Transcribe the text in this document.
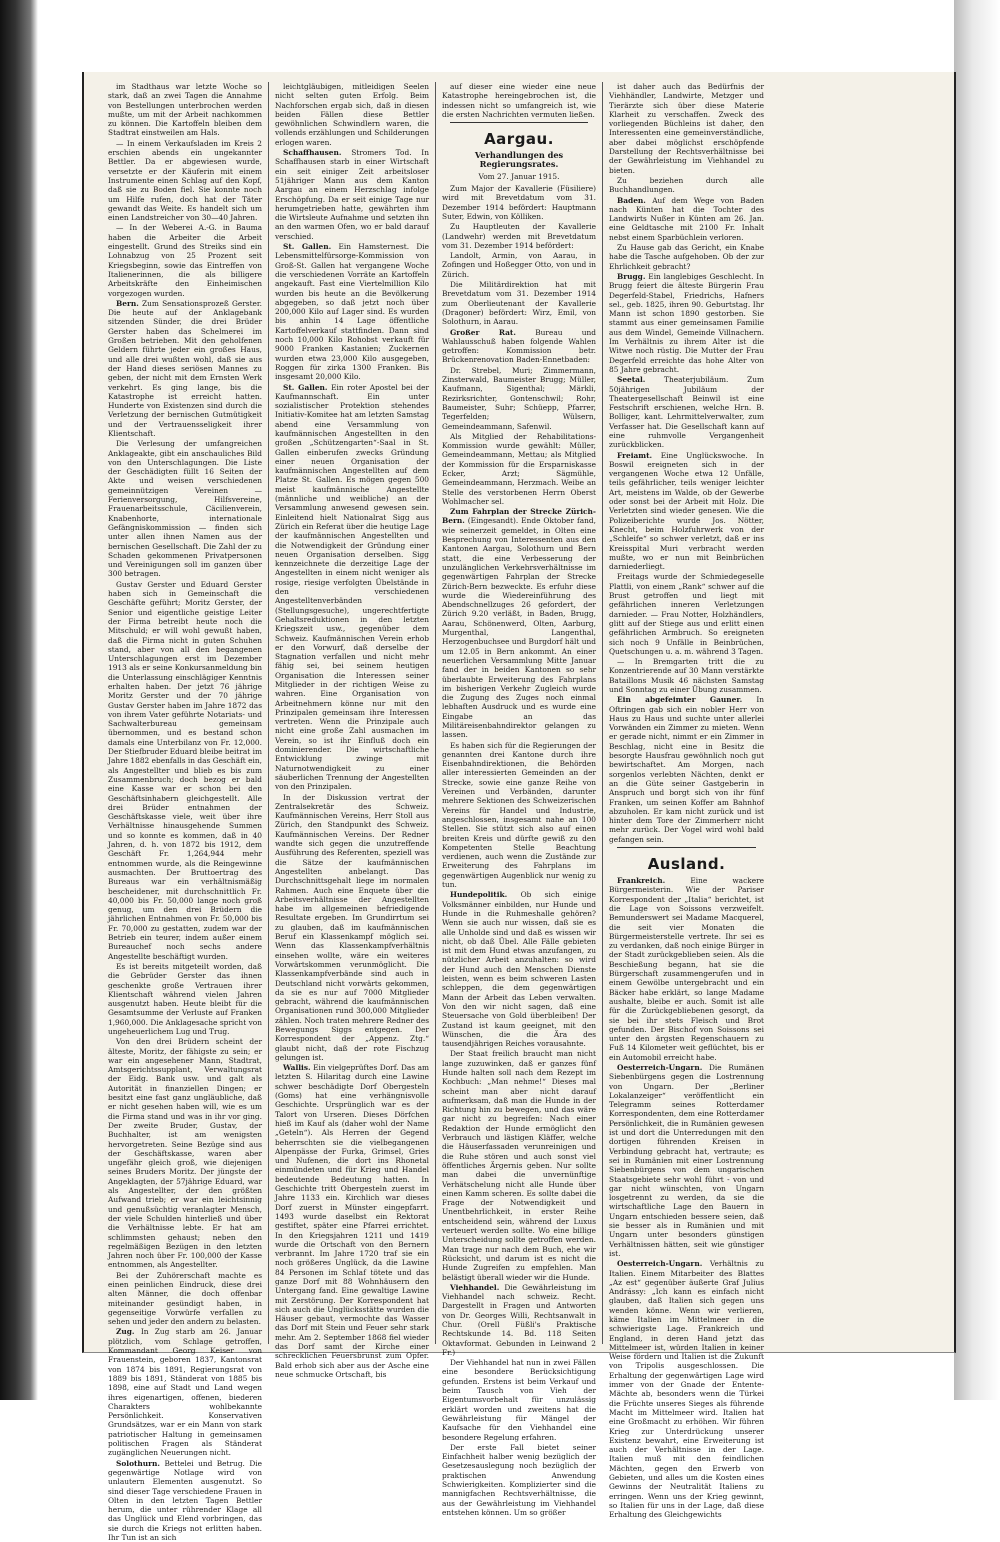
im Stadthaus war letzte Woche so stark, daß an zwei Tagen die Annahme von Bestellungen unterbrochen werden mußte, um mit der Arbeit nachkommen zu können. Die Kartoffeln bleiben dem Stadtrat einstweilen am Hals.

— In einem Verkaufsladen im Kreis 2 erschien abends ein ungekannter Bettler. Da er abgewiesen wurde, versetzte er der Käuferin mit einem Instrumente einen Schlag auf den Kopf, daß sie zu Boden fiel. Sie konnte noch um Hilfe rufen, doch hat der Täter gewandt das Weite. Es handelt sich um einen Landstreicher von 30—40 Jahren.

— In der Weberei A.-G. in Bauma haben die Arbeiter die Arbeit eingestellt. Grund des Streiks sind ein Lohnabzug von 25 Prozent seit Kriegsbeginn, sowie das Eintreffen von Italienerinnen, die als billigere Arbeitskräfte den Einheimischen vorgezogen wurden.

Bern. Zum Sensationsprozeß Gerster. Die heute auf der Anklagebank sitzenden Sünder, die drei Brüder Gerster haben das Schelmerei im Großen betrieben. Mit den geholfenen Geldern führte jeder ein großes Haus, und alle drei wußten wohl, daß sie aus der Hand dieses seriösen Mannes zu geben, der nicht mit dem Ernsten Werk verkehrt. Es ging lange, bis die Katastrophe ist erreicht hatten. Hunderte von Existenzen sind durch die Verletzung der bernischen Gutmütigkeit und der Vertrauensseligkeit ihrer Klientschaft.

Die Verlesung der umfangreichen Anklageakte, gibt ein anschauliches Bild von den Unterschlagungen. Die Liste der Geschädigten füllt 16 Seiten der Akte und weisen verschiedenen gemeinnützigen Vereinen — Ferienversorgung, Hilfsvereine, Frauenarbeitsschule, Cäcilienverein, Knabenhorte, internationale Gefängniskommission — finden sich unter allen ihnen Namen aus der bernischen Gesellschaft. Die Zahl der zu Schaden gekommenen Privatpersonen und Vereinigungen soll im ganzen über 300 betragen.

Gustav Gerster und Eduard Gerster haben sich in Gemeinschaft die Geschäfte geführt; Moritz Gerster, der Senior und eigentliche geistige Leiter der Firma betreibt heute noch die Mitschuld; er will wohl gewußt haben, daß die Firma nicht in guten Schuhen stand, aber von all den begangenen Unterschlagungen erst im Dezember 1913 als er seine Konkursanmeldung bin die Unterlassung einschlägiger Kenntnis erhalten haben. Der jetzt 76 jährige Moritz Gerster und der 70 jährige Gustav Gerster haben im Jahre 1872 das von ihrem Vater geführte Notariats- und Sachwalterbureau gemeinsam übernommen, und es bestand schon damals eine Unterbilanz von Fr. 12,000. Der Stiefbruder Eduard bleibe beitrat im Jahre 1882 ebenfalls in das Geschäft ein, als Angestellter und blieb es bis zum Zusammenbruch; doch bezog er bald eine Kasse war er schon bei den Geschäftsinhabern gleichgestellt. Alle drei Brüder entnahmen der Geschäftskasse viele, weit über ihre Verhältnisse hinausgehende Summen und so konnte es kommen, daß in 40 Jahren, d. h. von 1872 bis 1912, dem Geschäft Fr. 1,264,944 mehr entnommen wurde, als die Reingewinne ausmachten. Der Bruttoertrag des Bureaus war ein verhältnismäßig bescheidener, mit durchschnittlich Fr. 40,000 bis Fr. 50,000 lange noch groß genug, um den drei Brüdern die jährlichen Entnahmen von Fr. 50,000 bis Fr. 70,000 zu gestatten, zudem war der Betrieb ein teurer, indem außer einem Bureauchef noch sechs andere Angestellte beschäftigt wurden.

Es ist bereits mitgeteilt worden, daß die Gebrüder Gerster das ihnen geschenkte große Vertrauen ihrer Klientschaft während vielen Jahren ausgenutzt haben. Heute bleibt für die Gesamtsumme der Verluste auf Franken 1,960,000. Die Anklagesache spricht von ungeheuerlichem Lug und Trug.

Von den drei Brüdern scheint der älteste, Moritz, der fähigste zu sein; er war ein angesehener Mann, Stadtrat, Amtsgerichtssupplant, Verwaltungsrat der Eidg. Bank usw. und galt als Autorität in finanziellen Dingen; er besitzt eine fast ganz ungläubliche, daß er nicht gesehen haben will, wie es um die Firma stand und was in ihr vor ging. Der zweite Bruder, Gustav, der Buchhalter, ist am wenigsten hervorgetreten. Seine Bezüge sind aus der Geschäftskasse, waren aber ungefähr gleich groß, wie diejenigen seines Bruders Moritz. Der jüngste der Angeklagten, der 57jährige Eduard, war als Angestellter, der den größten Aufwand trieb; er war ein leichtsinnig und genußsüchtig veranlagter Mensch, der viele Schulden hinterließ und über die Verhältnisse lebte. Er hat am schlimmsten gehaust; neben den regelmäßigen Bezügen in den letzten Jahren noch über Fr. 100,000 der Kasse entnommen, als Angestellter.

Bei der Zuhörerschaft machte es einen peinlichen Eindruck, diese drei alten Männer, die doch offenbar miteinander gesündigt haben, in gegenseitige Vorwürfe verfallen zu sehen und jeder den andern zu belasten.

Zug. In Zug starb am 26. Januar plötzlich, vom Schlage getroffen, Kommandant Georg Keiser von Frauenstein, geboren 1837, Kantonsrat von 1874 bis 1891, Regierungsrat von 1889 bis 1891, Ständerat von 1885 bis 1898, eine auf Stadt und Land wegen ihres eigenartigen, offenen, biederen Charakters wohlbekannte Persönlichkeit. Konservativen Grundsätzes, war er ein Mann von stark patriotischer Haltung in gemeinsamen politischen Fragen als Ständerat zugänglichen Neuerungen nicht.

Solothurn. Bettelei und Betrug. Die gegenwärtige Notlage wird von unlautern Elementen ausgenutzt. So sind dieser Tage verschiedene Frauen in Olten in den letzten Tagen Bettler herum, die unter rührender Klage all das Unglück und Elend vorbringen, das sie durch die Kriegs not erlitten haben. Ihr Tun ist an sich

leichtgläubigen, mitleidigen Seelen nicht selten guten Erfolg. Beim Nachforschen ergab sich, daß in diesen beiden Fällen diese Bettler gewöhnlichen Schwindlern waren, die vollends erzählungen und Schilderungen erlogen waren.

Schaffhausen. Stromers Tod. In Schaffhausen starb in einer Wirtschaft ein seit einiger Zeit arbeitsloser 51jähriger Mann aus dem Kanton Aargau an einem Herzschlag infolge Erschöpfung. Da er seit einige Tage nur herumgetrieben hatte, gewährten ihm die Wirtsleute Aufnahme und setzten ihn an den warmen Ofen, wo er bald darauf verschied.

St. Gallen. Ein Hamsternest. Die Lebensmittelfürsorge-Kommission von Groß-St. Gallen hat vergangene Woche die verschiedenen Vorräte an Kartoffeln angekauft. Fast eine Viertelmillion Kilo wurden bis heute an die Bevölkerung abgegeben, so daß jetzt noch über 200,000 Kilo auf Lager sind. Es wurden bis anhin 14 Lage öffentliche Kartoffelverkauf stattfinden. Dann sind noch 10,000 Kilo Rohobst verkauft für 9000 Franken Kastanien; Zuckernen wurden etwa 23,000 Kilo ausgegeben, Roggen für zirka 1300 Franken. Bis insgesamt 20,000 Kilo.

St. Gallen. Ein roter Apostel bei der Kaufmannschaft. Ein unter sozialistischer Protektion stehendes Initiativ-Komitee hat am letzten Samstag abend eine Versammlung von kaufmännischen Angestellten in den großen „Schützengarten“-Saal in St. Gallen einberufen zwecks Gründung einer neuen Organisation der kaufmännischen Angestellten auf dem Platze St. Gallen. Es mögen gegen 500 meist kaufmännische Angestellte (männliche und weibliche) an der Versammlung anwesend gewesen sein. Einleitend hielt Nationalrat Sigg aus Zürich ein Referat über die heutige Lage der kaufmännischen Angestellten und die Notwendigkeit der Gründung einer neuen Organisation derselben. Sigg kennzeichnete die derzeitige Lage der Angestellten in einem nicht weniger als rosige, riesige verfolgten Übelstände in den verschiedenen Angestelltenverbänden (Stellungsgesuche), ungerechtfertigte Gehaltsreduktionen in den letzten Kriegszeit usw., gegenüber dem Schweiz. Kaufmännischen Verein erhob er den Vorwurf, daß derselbe der Stagnation verfallen und nicht mehr fähig sei, bei seinem heutigen Organisation die Interessen seiner Mitglieder in der richtigen Weise zu wahren. Eine Organisation von Arbeitnehmern könne nur mit den Prinzipalen gemeinsam ihre Interessen vertreten. Wenn die Prinzipale auch nicht eine große Zahl ausmachen im Verein, so ist ihr Einfluß doch ein dominierender. Die wirtschaftliche Entwicklung zwinge mit Naturnotwendigkeit zu einer säuberlichen Trennung der Angestellten von den Prinzipalen.

In der Diskussion vertrat der Zentralsekretär des Schweiz. Kaufmännischen Vereins, Herr Stoll aus Zürich, den Standpunkt des Schweiz. Kaufmännischen Vereins. Der Redner wandte sich gegen die unzutreffende Ausführung des Referenten, speziell was die Sätze der kaufmännischen Angestellten anbelangt. Das Durchschnittsgehalt liege im normalen Rahmen. Auch eine Enquete über die Arbeitsverhältnisse der Angestellten habe im allgemeinen befriedigende Resultate ergeben. Im Grundirrtum sei zu glauben, daß im kaufmännischen Beruf ein Klassenkampf möglich sei. Wenn das Klassenkampfverhältnis einsehen wollte, wäre ein weiteres Vorwärtskommen verunmöglicht. Die Klassenkampfverbände sind auch in Deutschland nicht vorwärts gekommen, da sie es nur auf 7000 Mitglieder gebracht, während die kaufmännischen Organisationen rund 300,000 Mitglieder zählen. Noch traten mehrere Redner des Bewegungs Siggs entgegen. Der Korrespondent der „Appenz. Ztg.“ glaubt nicht, daß der rote Fischzug gelungen ist.

Wallis. Ein vielgeprüftes Dorf. Das am letzten S. Hilaritag durch eine Lawine schwer beschädigte Dorf Obergesteln (Goms) hat eine verhängnisvolle Geschichte. Ursprünglich war es der Talort von Urseren. Dieses Dörfchen hieß im Kauf als (daher wohl der Name „Geteln“). Als Herren der Gegend beherrschten sie die vielbegangenen Alpenpässe der Furka, Grimsel, Gries und Nufenen, die dort ins Rhonetal einmündeten und für Krieg und Handel bedeutende Bedeutung hatten. In Geschichte tritt Obergesteln zuerst im Jahre 1133 ein. Kirchlich war dieses Dorf zuerst in Münster eingepfarrt. 1493 wurde daselbst ein Rektorat gestiftet, später eine Pfarrei errichtet. In den Kriegsjahren 1211 und 1419 wurde die Ortschaft von den Bernern verbrannt. Im Jahre 1720 traf sie ein noch größeres Unglück, da die Lawine 84 Personen im Schlaf tötete und das ganze Dorf mit 88 Wohnhäusern den Untergang fand. Eine gewaltige Lawine mit Zerstörung. Der Korrespondent hat sich auch die Unglücksstätte wurden die Häuser gebaut, vermochte das Wasser das Dorf mit Stein und Feuer sehr stark mehr. Am 2. September 1868 fiel wieder das Dorf samt der Kirche einer schrecklichen Feuersbrunst zum Opfer. Bald erhob sich aber aus der Asche eine neue schmucke Ortschaft, bis

auf dieser eine wieder eine neue Katastrophe hereingebrochen ist, die indessen nicht so umfangreich ist, wie die ersten Nachrichten vermuten ließen.

Aargau.
Verhandlungen des Regierungsrates.
Vom 27. Januar 1915.

Zum Major der Kavallerie (Füsiliere) wird mit Brevetdatum vom 31. Dezember 1914 befördert: Hauptmann Suter, Edwin, von Kölliken.

Zu Hauptleuten der Kavallerie (Landwehr) werden mit Brevetdatum vom 31. Dezember 1914 befördert:

Landolt, Armin, von Aarau, in Zofingen und Hoßegger Otto, von und in Zürich.

Die Militärdirektion hat mit Brevetdatum vom 31. Dezember 1914 zum Oberlieutenant der Kavallerie (Dragoner) befördert: Wirz, Emil, von Solothurn, in Aarau.

Großer Rat.	Bureau und Wahlausschuß haben folgende Wahlen getroffen: Kommission betr. Brückenrenovation Baden-Ennetbaden:

Dr. Strebel, Muri; Zimmermann, Zinsterwald, Baumeister Brugg; Müller, Kaufmann, Sigenthal; Märkli, Rezirksrichter, Gontenschwil; Rohr, Baumeister, Suhr; Schüepp, Pfarrer, Tegerfelden; Wülsern, Gemeindeammann, Safenwil.

Als Mitglied der Rehabilitations-Kommission wurde gewählt: Müller, Gemeindeammann, Mettau; als Mitglied der Kommission für die Ersparniskasse Ecker, Arzt; Sägmühle, Gemeindeammann, Herzmach. Weibe an Stelle des verstorbenen Herrn Oberst Wohlmacher sel.

Zum Fahrplan der Strecke Zürich-Bern. (Eingesandt). Ende Oktober fand, wie seinerzeit gemeldet, in Olten eine Besprechung von Interessenten aus den Kantonen Aargau, Solothurn und Bern statt, die eine Verbesserung der unzulänglichen Verkehrsverhältnisse im gegenwärtigen Fahrplan der Strecke Zürich-Bern bezweckte. Es erfuhr diese wurde die Wiedereinführung des Abendschnellzuges 26 gefordert, der Zürich 9.20 verläßt, in Baden, Brugg, Aarau, Schönenwerd, Olten, Aarburg, Murgenthal, Langenthal, Herzogenbuchsee und Burgdorf hält und um 12.05 in Bern ankommt. An einer neuerlichen Versammlung Mitte Januar fand der in beiden Kantonen so sehr überlaubte Erweiterung des Fahrplans im bisherigen Verkehr Zugleich wurde die Zugung des Zuges noch einmal lebhaften Ausdruck und es wurde eine Eingabe an das Militäreisenbahndirektor gelangen zu lassen.

Es haben sich für die Regierungen der genannten drei Kantone durch ihre Eisenbahndirektionen, die Behörden aller interessierten Gemeinden an der Strecke, sowie eine ganze Reihe von Vereinen und Verbänden, darunter mehrere Sektionen des Schweizerischen Vereins für Handel und Industrie, angeschlossen, insgesamt nahe an 100 Stellen. Sie stützt sich also auf einen breiten Kreis und dürfte gewiß zu den Kompetenten Stelle Beachtung verdienen, auch wenn die Zustände zur Erweiterung des Fahrplans im gegenwärtigen Augenblick nur wenig zu tun.

Hundepolitik. Ob sich einige Volksmänner einbilden, nur Hunde und Hunde in die Ruhmeshalle gehören? Wenn sie auch nur wissen, daß sie es alle Unholde sind und daß es wissen wir nicht, ob daß Übel. Alle Fälle gebieten ist mit dem Hund etwas anzufangen, zu nützlicher Arbeit anzuhalten: so wird der Hund auch den Menschen Dienste leisten, wenn es beim schweren Lasten schleppen, die dem gegenwärtigen Mann der Arbeit das Leben verwalten. Von den wir nicht sagen, daß eine Steuersache von Gold überbleiben! Der Zustand ist kaum geeignet, mit den Wünschen, die die Ära des tausendjährigen Reiches vorausahnte.

Der Staat freilich braucht man nicht lange zuzuwinken, daß er ganzes fünf Hunde halten soll nach dem Rezept im Kochbuch: „Man nehme!“ Dieses mal scheint man aber nicht darauf aufmerksam, daß man die Hunde in der Richtung hin zu bewegen, und das wäre gar nicht zu begreifen: Nach einer Redaktion der Hunde ermöglicht den Verbrauch und lästigen Kläffer, welche die Häuserfassaden verunreinigen und die Ruhe stören und auch sonst viel öffentliches Ärgernis geben. Nur sollte man dabei die unvernünftige Verhätschelung nicht alle Hunde über einen Kamm scheren. Es sollte dabei die Frage der Notwendigkeit und Unentbehrlichkeit, in erster Reihe entscheidend sein, während der Luxus verteuert werden sollte. Wo eine billige Unterscheidung sollte getroffen werden. Man trage nur nach dem Buch, ehe wir Rücksicht, und darum ist es nicht die Hunde Zugreifen zu empfehlen. Man belästigt überall wieder wir die Hunde.

Viehhandel. Die Gewährleistung im Viehhandel nach schweiz. Recht. Dargestellt in Fragen und Antworten von Dr. Georges Willi, Rechtsanwalt in Chur. (Orell Füßli's Praktische Rechtskunde 14. Bd. 118 Seiten Oktavformat. Gebunden in Leinwand 2 Fr.)

Der Viehhandel hat nun in zwei Fällen eine besondere Berücksichtigung gefunden. Erstens ist beim Verkauf und beim Tausch von Vieh der Eigentumsvorbehalt für unzulässig erklärt worden und zweitens hat die Gewährleistung für Mängel der Kaufsache für den Viehhandel eine besondere Regelung erfahren.

Der erste Fall bietet seiner Einfachheit halber wenig bezüglich der Gesetzesauslegung noch bezüglich der praktischen Anwendung Schwierigkeiten. Komplizierter sind die mannigfachen Rechtsverhältnisse, die aus der Gewährleistung im Viehhandel entstehen können. Um so größer

ist daher auch das Bedürfnis der Viehhändler, Landwirte, Metzger und Tierärzte sich über diese Materie Klarheit zu verschaffen. Zweck des vorliegenden Büchleins ist daher, den Interessenten eine gemeinverständliche, aber dabei möglichst erschöpfende Darstellung der Rechtsverhältnisse bei der Gewährleistung im Viehhandel zu bieten.

Zu beziehen durch alle Buchhandlungen.

Baden. Auf dem Wege von Baden nach Künten hat die Tochter des Landwirts Nußer in Künten am 26. Jan. eine Geldtasche mit 2100 Fr. Inhalt nebst einem Sparbüchlein verloren.

Zu Hause gab das Gericht, ein Knabe habe die Tasche aufgehoben. Ob der zur Ehrlichkeit gebracht?

Brugg. Ein langlebiges Geschlecht. In Brugg feiert die älteste Bürgerin Frau Degerfeld-Stabel, Friedrichs, Hafners sel., geb. 1825, ihren 90. Geburtstag. Ihr Mann ist schon 1890 gestorben. Sie stammt aus einer gemeinsamen Familie aus dem Windel, Gemeinde Villnachern. Im Verhältnis zu ihrem Alter ist die Witwe noch rüstig. Die Mutter der Frau Degerfeld erreichte das hohe Alter von 85 Jahre gebracht.

Seetal.	Theaterjubiläum. Zum 50jährigen Jubiläum der Theatergesellschaft Beinwil ist eine Festschrift erschienen, welche Hrn. B. Bolliger, kant. Lehrmittelverwalter, zum Verfasser hat. Die Gesellschaft kann auf eine ruhmvolle Vergangenheit zurückblicken.

Freiamt. Eine Unglückswoche. In Boswil ereigneten sich in der vergangenen Woche etwa 12 Unfälle, teils gefährlicher, teils weniger leichter Art, meistens im Walde, ob der Gewerbe oder sonst bei der Arbeit mit Holz. Die Verletzten sind wieder genesen. Wie die Polizeiberichte wurde Jos. Nötter, Knecht, beim Holzfuhrwerk von der „Schleife“ so schwer verletzt, daß er ins Kreisspital Muri verbracht werden mußte, wo er nun mit Beinbrüchen darniederliegt.

Freitags wurde der Schmiedegeselle Plattli, von einem „Rank“ schwer auf die Brust getroffen und liegt mit gefährlichen inneren Verletzungen darnieder. — Frau Notter, Holzhändlers, glitt auf der Stiege aus und erlitt einen gefährlichen Armbruch. So ereigneten sich noch 9 Unfälle in Beinbrüchen, Quetschungen u. a. m. während 3 Tagen.

— In Bremgarten tritt die zu Konzentrierende auf 30 Mann verstärkte Bataillons Musik 46 nächsten Samstag und Sonntag zu einer Übung zusammen.

Ein abgefeimter Gauner. In Oftringen gab sich ein nobler Herr von Haus zu Haus und suchte unter allerlei Vorwänden ein Zimmer zu mieten. Wenn er gerade nicht, nimmt er ein Zimmer in Beschlag, nicht eine in Besitz die besorgte Hausfrau gewöhnlich noch gut bewirtschaftet. Am Morgen, nach sorgenlos verlebten Nächten, denkt er an die Güte seiner Gastgeberin in Anspruch und borgt sich von ihr fünf Franken, um seinen Koffer am Bahnhof abzuholen. Er kam nicht zurück und ist hinter dem Tore der Zimmerherr nicht mehr zurück. Der Vogel wird wohl bald gefangen sein.

Ausland.

Frankreich.	Eine wackere Bürgermeisterin. Wie der Pariser Korrespondent der „Italia“ berichtet, ist die Lage von Soissons verzweifelt. Bemunderswert sei Madame Macquerel, die seit vier Monaten die Bürgermeisterstelle vertrete. Ihr sei es zu verdanken, daß noch einige Bürger in der Stadt zurückgeblieben seien. Als die Beschießung begann, hat sie die Bürgerschaft zusammengerufen und in einem Gewölbe untergebracht und ein Bäcker habe erklärt, so lange Madame aushalte, bleibe er auch. Somit ist alle für die Zurückgebliebenen gesorgt, da sie bei ihr stets Fleisch und Brot gefunden. Der Bischof von Soissons sei unter den ärgsten Regenschauern zu Fuß 14 Kilometer weit geflüchtet, bis er ein Automobil erreicht habe.

Oesterreich-Ungarn. Die Rumänen Siebenbürgens gegen die Lostrennung von Ungarn. Der „Berliner Lokalanzeiger“ veröffentlicht ein Telegramm seines Rotterdamer Korrespondenten, dem eine Rotterdamer Persönlichkeit, die in Rumänien gewesen ist und dort die Unterredungen mit den dortigen führenden Kreisen in Verbindung gebracht hat, vertraute; es sei in Rumänien mit einer Lostrennung Siebenbürgens von dem ungarischen Staatsgebiete sehr wohl führt - von und gar nicht wünschten, von Ungarn losgetrennt zu werden, da sie die wirtschaftliche Lage den Bauern in Ungarn entschieden bessere seien, daß sie besser als in Rumänien und mit Ungarn unter besonders günstigen Verhältnissen hätten, seit wie günstiger ist.

Oesterreich-Ungarn. Verhältnis zu Italien. Einem Mitarbeiter des Blattes „Az est“ gegenüber äußerte Graf Julius Andrássy: „Ich kann es einfach nicht glauben, daß Italien sich gegen uns wenden könne. Wenn wir verlieren, käme Italien im Mittelmeer in die schwierigste Lage. Frankreich und England, in deren Hand jetzt das Mittelmeer ist, würden Italien in keiner Weise fördern und Italien ist die Zukunft von Tripolis ausgeschlossen. Die Erhaltung der gegenwärtigen Lage wird immer von der Gnade der Entente-Mächte ab, besonders wenn die Türkei die Früchte unseres Sieges als führende Macht im Mittelmeer wird. Italien hat eine Großmacht zu erhöhen. Wir führen Krieg zur Unterdrückung unserer Existenz bewahrt, eine Erweiterung ist auch der Verhältnisse in der Lage. Italien muß mit den feindlichen Mächten, gegen den Erwerb von Gebieten, und alles um die Kosten eines Gewinns der Neutralität Italiens zu erringen. Wenn uns der Krieg gewinnt, so Italien für uns in der Lage, daß diese Erhaltung des Gleichgewichts
